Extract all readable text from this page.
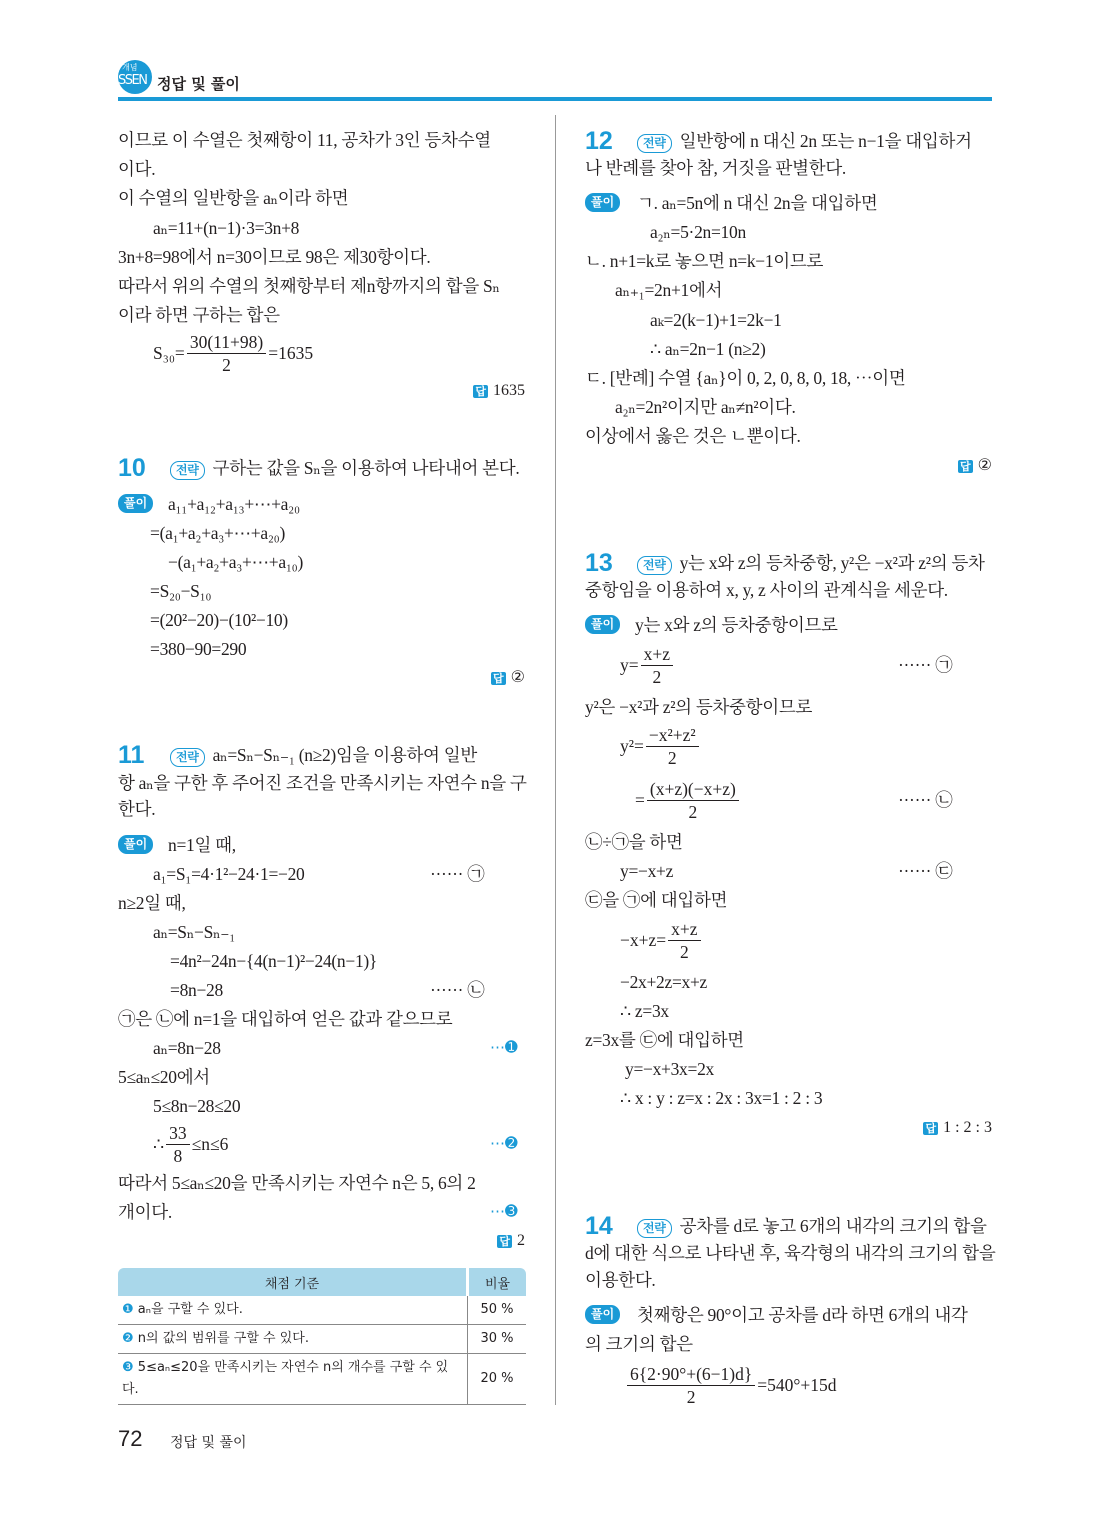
개념
SSEN 정답 및 풀이
이므로 이 수열은 첫째항이 11, 공차가 3인 등차수열
이다.
이 수열의 일반항을 aₙ이라 하면
aₙ=11+(n−1)·3=3n+8
3n+8=98에서 n=30이므로 98은 제30항이다.
따라서 위의 수열의 첫째항부터 제n항까지의 합을 Sₙ
이라 하면 구하는 합은
$S_{30}= \frac{30(11+98)}{2} =1635$
답 1635
10	전략 구하는 값을 Sₙ을 이용하여 나타내어 본다.
풀이	a₁₁+a₁₂+a₁₃+⋯+a₂₀
=(a₁+a₂+a₃+⋯+a₂₀)
−(a₁+a₂+a₃+⋯+a₁₀)
=S₂₀−S₁₀
=(20²−20)−(10²−10)
=380−90=290
답 ②
11	전략 aₙ=Sₙ−Sₙ₋₁ (n≥2)임을 이용하여 일반
항 aₙ을 구한 후 주어진 조건을 만족시키는 자연수 n을 구
한다.
풀이	n=1일 때,
a₁=S₁=4·1²−24·1=−20	······ ㉠
n≥2일 때,
aₙ=Sₙ−Sₙ₋₁
=4n²−24n−{4(n−1)²−24(n−1)}
=8n−28	······ ㉡
㉠은 ㉡에 n=1을 대입하여 얻은 값과 같으므로
aₙ=8n−28	⋯➊
5≤aₙ≤20에서
5≤8n−28≤20
∴ $\frac{33}{8} \le n\le 6$	⋯➋
따라서 5≤aₙ≤20을 만족시키는 자연수 n은 5, 6의 2
개이다.	⋯➌
답 2
12	전략 일반항에 n 대신 2n 또는 n−1을 대입하거
나 반례를 찾아 참, 거짓을 판별한다.
풀이	ㄱ. aₙ=5n에 n 대신 2n을 대입하면
a₂ₙ=5·2n=10n
ㄴ. n+1=k로 놓으면 n=k−1이므로
aₙ₊₁=2n+1에서
aₖ=2(k−1)+1=2k−1
∴ aₙ=2n−1 (n≥2)
ㄷ. [반례] 수열 {aₙ}이 0, 2, 0, 8, 0, 18, ⋯이면
a₂ₙ=2n²이지만 aₙ≠n²이다.
이상에서 옳은 것은 ㄴ뿐이다.
답 ②
13	전략 y는 x와 z의 등차중항, y²은 −x²과 z²의 등차
중항임을 이용하여 x, y, z 사이의 관계식을 세운다.
풀이	y는 x와 z의 등차중항이므로
$y= \frac{x+z}{2}$	······ ㉠
y²은 −x²과 z²의 등차중항이므로
$y^2= \frac{\text{−x²+z²}}{2}$
= $\frac{(x+z)(-x+z)}{2}$	······ ㉡
㉡÷㉠을 하면
y=−x+z	······ ㉢
㉢을 ㉠에 대입하면
$-x+z= \frac{x+z}{2}$
−2x+2z=x+z
∴ z=3x
z=3x를 ㉢에 대입하면
y=−x+3x=2x
∴ x : y : z=x : 2x : 3x=1 : 2 : 3
답 1 : 2 : 3
14	전략 공차를 d로 놓고 6개의 내각의 크기의 합을
d에 대한 식으로 나타낸 후, 육각형의 내각의 크기의 합을
이용한다.
풀이	첫째항은 90°이고 공차를 d라 하면 6개의 내각
의 크기의 합은
$\frac{6\{2\cdot 90^\circ+(6-1)d\}}{2} =540^\circ+15d$
채점 기준	비율
❶ aₙ을 구할 수 있다.	50 %
❷ n의 값의 범위를 구할 수 있다.	30 %
❸ 5≤aₙ≤20을 만족시키는 자연수 n의 개수를 구할 수 있다.	20 %
72 정답 및 풀이
